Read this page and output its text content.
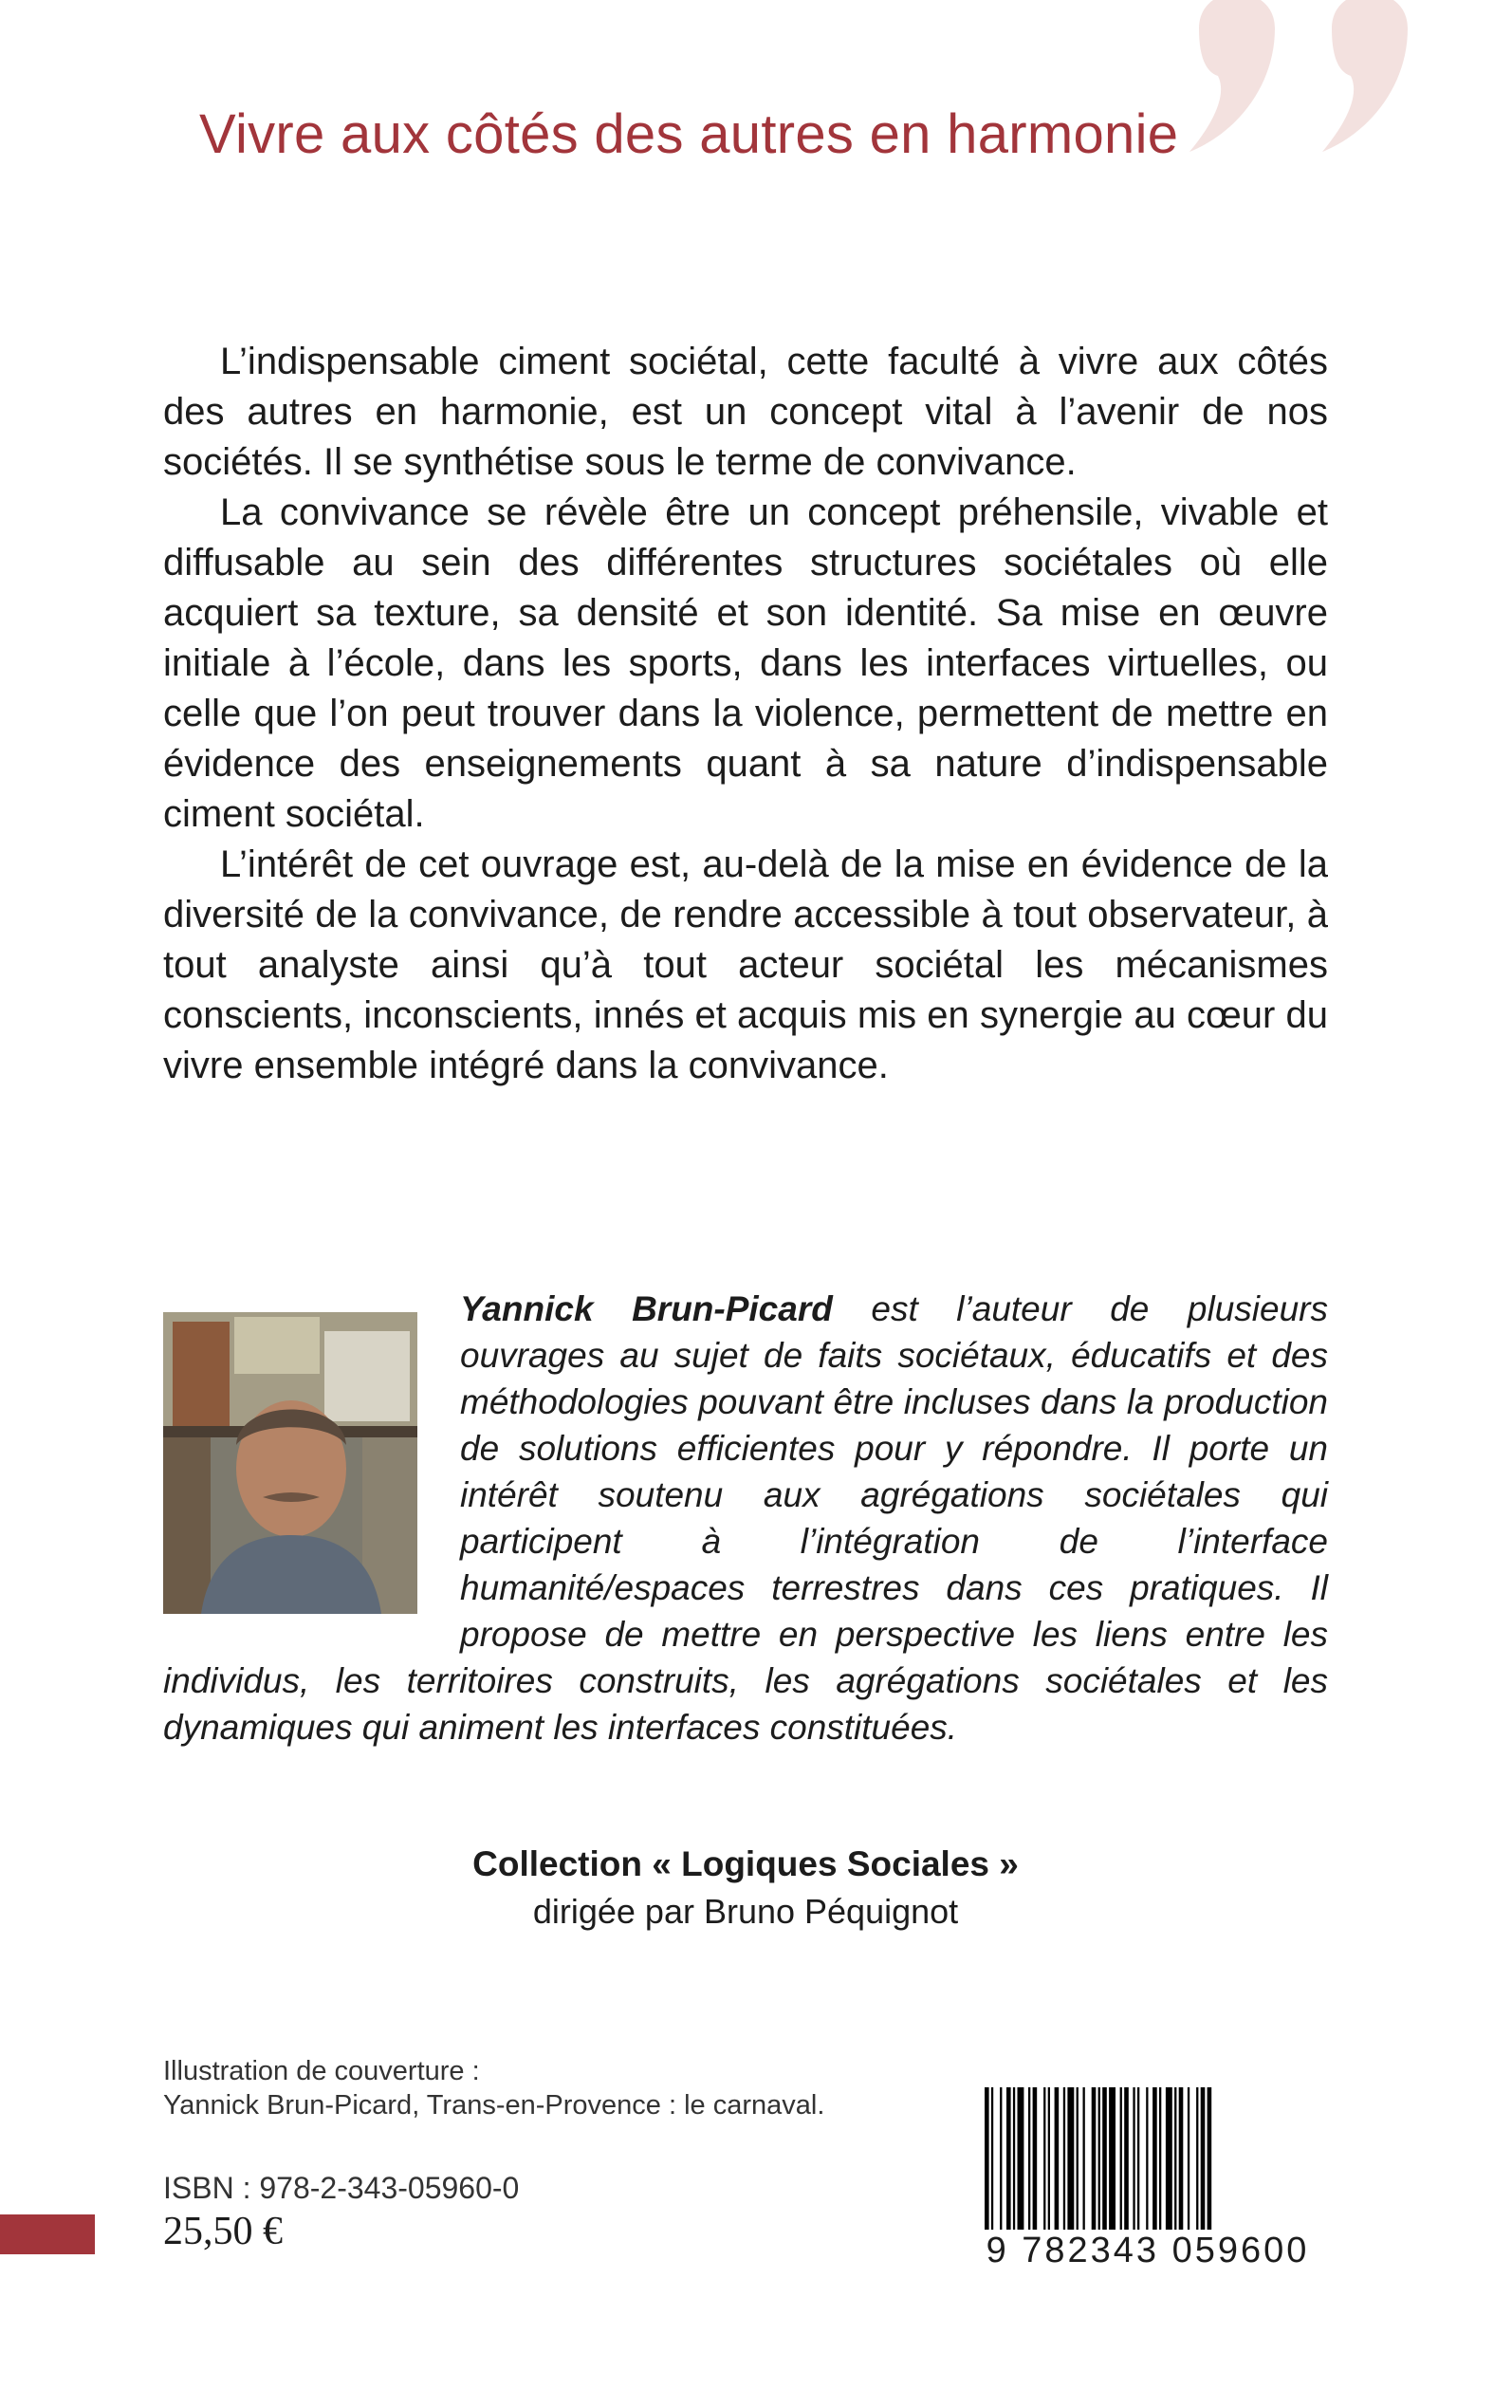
Vivre aux côtés des autres en harmonie

L’indispensable ciment sociétal, cette faculté à vivre aux côtés des autres en harmonie, est un concept vital à l’avenir de nos sociétés. Il se synthétise sous le terme de convivance.

La convivance se révèle être un concept préhensile, vivable et diffusable au sein des différentes structures sociétales où elle acquiert sa texture, sa densité et son identité. Sa mise en œuvre initiale à l’école, dans les sports, dans les interfaces virtuelles, ou celle que l’on peut trouver dans la violence, permettent de mettre en évidence des enseignements quant à sa nature d’indispensable ciment sociétal.

L’intérêt de cet ouvrage est, au-delà de la mise en évidence de la diversité de la convivance, de rendre accessible à tout observateur, à tout analyste ainsi qu’à tout acteur sociétal les mécanismes conscients, inconscients, innés et acquis mis en synergie au cœur du vivre ensemble intégré dans la convivance.

Yannick Brun-Picard est l’auteur de plusieurs ouvrages au sujet de faits sociétaux, éducatifs et des méthodologies pouvant être incluses dans la production de solutions efficientes pour y répondre. Il porte un intérêt soutenu aux agrégations sociétales qui participent à l’intégration de l’interface humanité/espaces terrestres dans ces pratiques. Il propose de mettre en perspective les liens entre les individus, les territoires construits, les agrégations sociétales et les dynamiques qui animent les interfaces constituées.

Collection « Logiques Sociales »
dirigée par Bruno Péquignot
Illustration de couverture :
Yannick Brun-Picard, Trans-en-Provence : le carnaval.
ISBN : 978-2-343-05960-0
25,50 €	9 782343 059600
